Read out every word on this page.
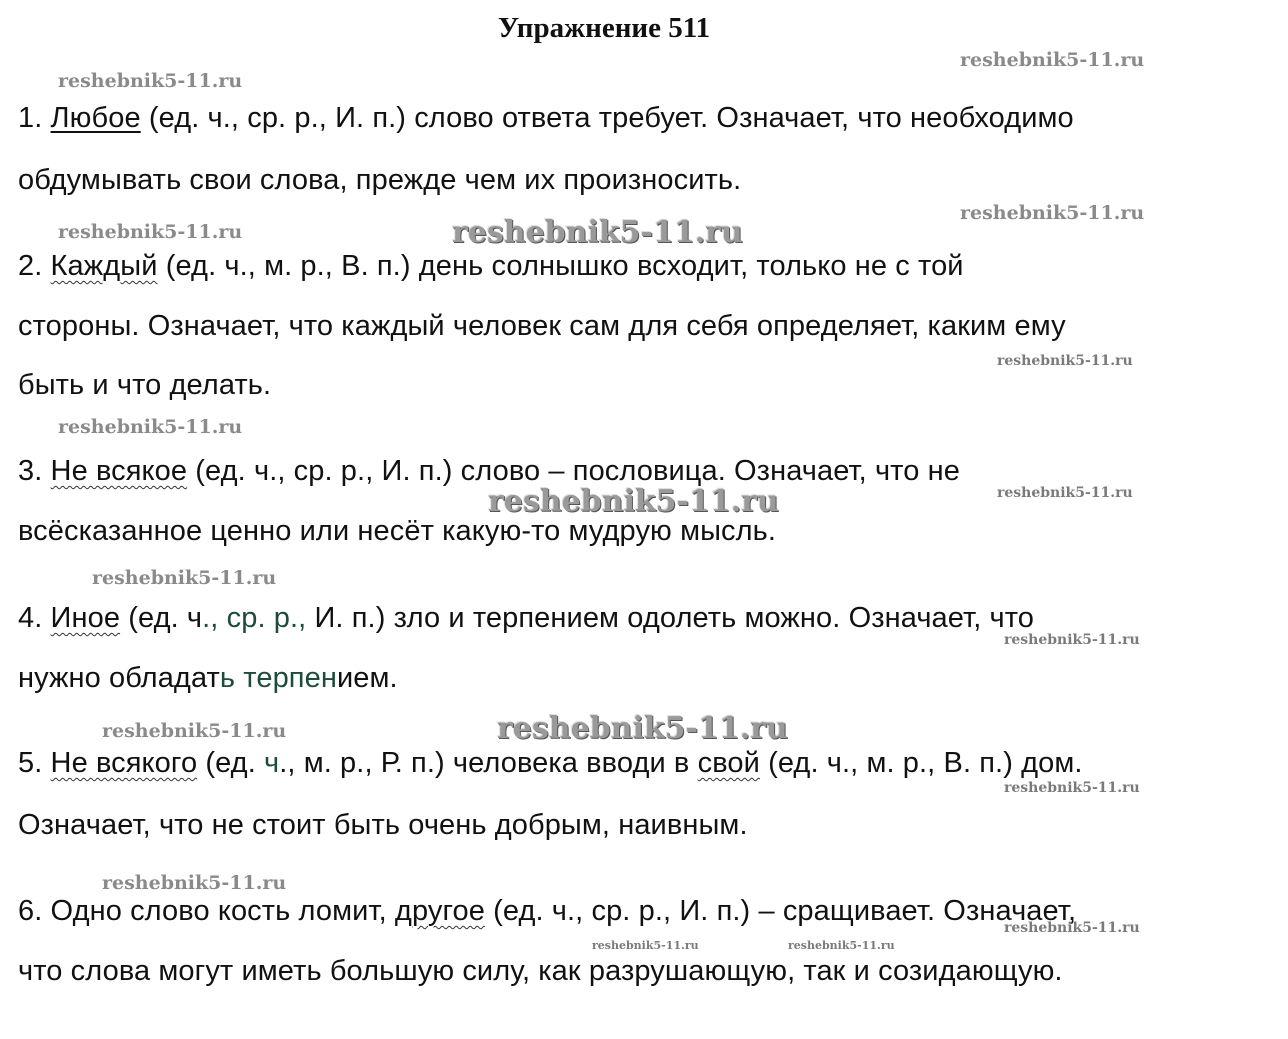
Упражнение 511
1. Любое (ед. ч., ср. р., И. п.) слово ответа требует. Означает, что необходимо
обдумывать свои слова, прежде чем их произносить.
2. Каждый (ед. ч., м. р., В. п.) день солнышко всходит, только не с той
стороны. Означает, что каждый человек сам для себя определяет, каким ему
быть и что делать.
3. Не всякое (ед. ч., ср. р., И. п.) слово – пословица. Означает, что не
всёсказанное ценно или несёт какую-то мудрую мысль.
4. Иное (ед. ч., ср. р., И. п.) зло и терпением одолеть можно. Означает, что
нужно обладать терпением.
5. Не всякого (ед. ч., м. р., Р. п.) человека вводи в свой (ед. ч., м. р., В. п.) дом.
Означает, что не стоит быть очень добрым, наивным.
6. Одно слово кость ломит, другое (ед. ч., ср. р., И. п.) – сращивает. Означает,
что слова могут иметь большую силу, как разрушающую, так и созидающую.
reshebnik5-11.ru
reshebnik5-11.ru
reshebnik5-11.ru
reshebnik5-11.ru
reshebnik5-11.ru
reshebnik5-11.ru
reshebnik5-11.ru
reshebnik5-11.ru	reshebnik5-11.ru
reshebnik5-11.ru
reshebnik5-11.ru
reshebnik5-11.ru	reshebnik5-11.ru
reshebnik5-11.ru
reshebnik5-11.ru
reshebnik5-11.ru
reshebnik5-11.ru	reshebnik5-11.ru
